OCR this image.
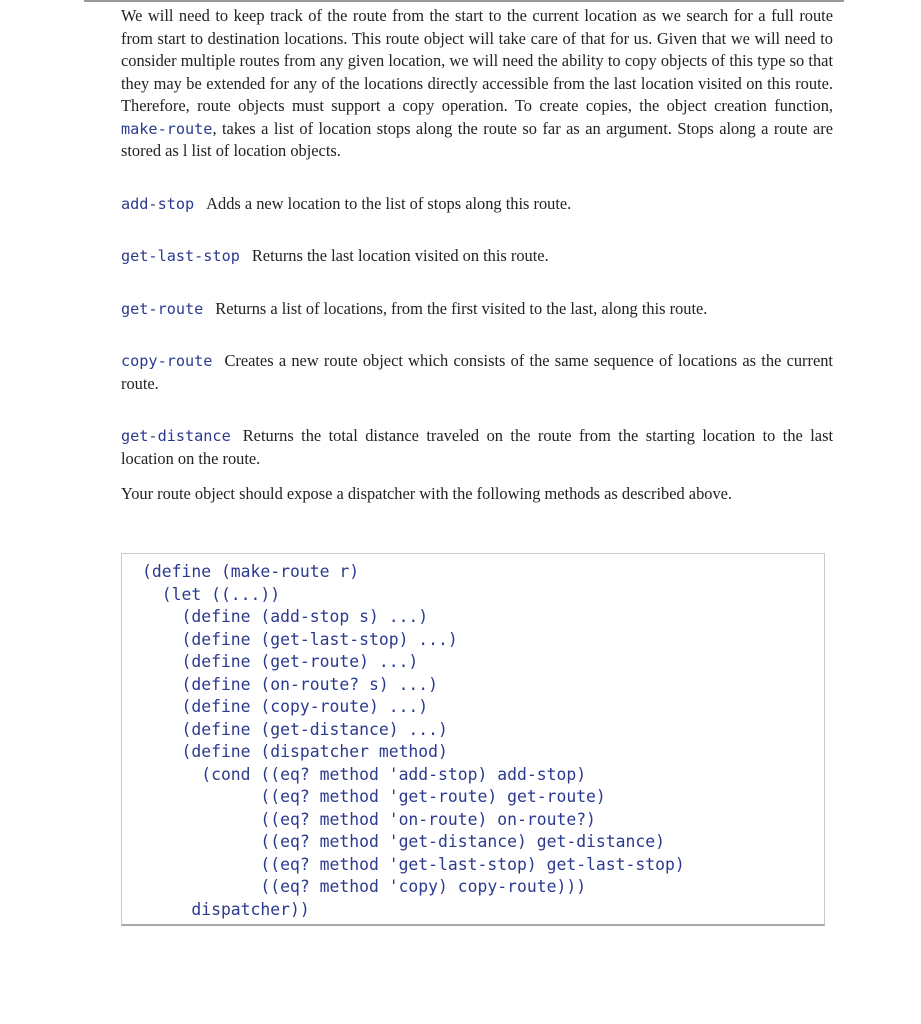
We will need to keep track of the route from the start to the current location as we search for a full route from start to destination locations. This route object will take care of that for us. Given that we will need to consider multiple routes from any given location, we will need the ability to copy objects of this type so that they may be extended for any of the locations directly accessible from the last location visited on this route. Therefore, route objects must support a copy operation. To create copies, the object creation function, make-route, takes a list of location stops along the route so far as an argument. Stops along a route are stored as l list of location objects.

add-stop Adds a new location to the list of stops along this route.

get-last-stop Returns the last location visited on this route.

get-route Returns a list of locations, from the first visited to the last, along this route.

copy-route Creates a new route object which consists of the same sequence of locations as the current route.

get-distance Returns the total distance traveled on the route from the starting location to the last location on the route.

Your route object should expose a dispatcher with the following methods as described above.

(define (make-route r)
(let ((...))
(define (add-stop s) ...)
(define (get-last-stop) ...)
(define (get-route) ...)
(define (on-route? s) ...)
(define (copy-route) ...)
(define (get-distance) ...)
(define (dispatcher method)
(cond ((eq? method 'add-stop) add-stop)
((eq? method 'get-route) get-route)
((eq? method 'on-route) on-route?)
((eq? method 'get-distance) get-distance)
((eq? method 'get-last-stop) get-last-stop)
((eq? method 'copy) copy-route)))
dispatcher))
